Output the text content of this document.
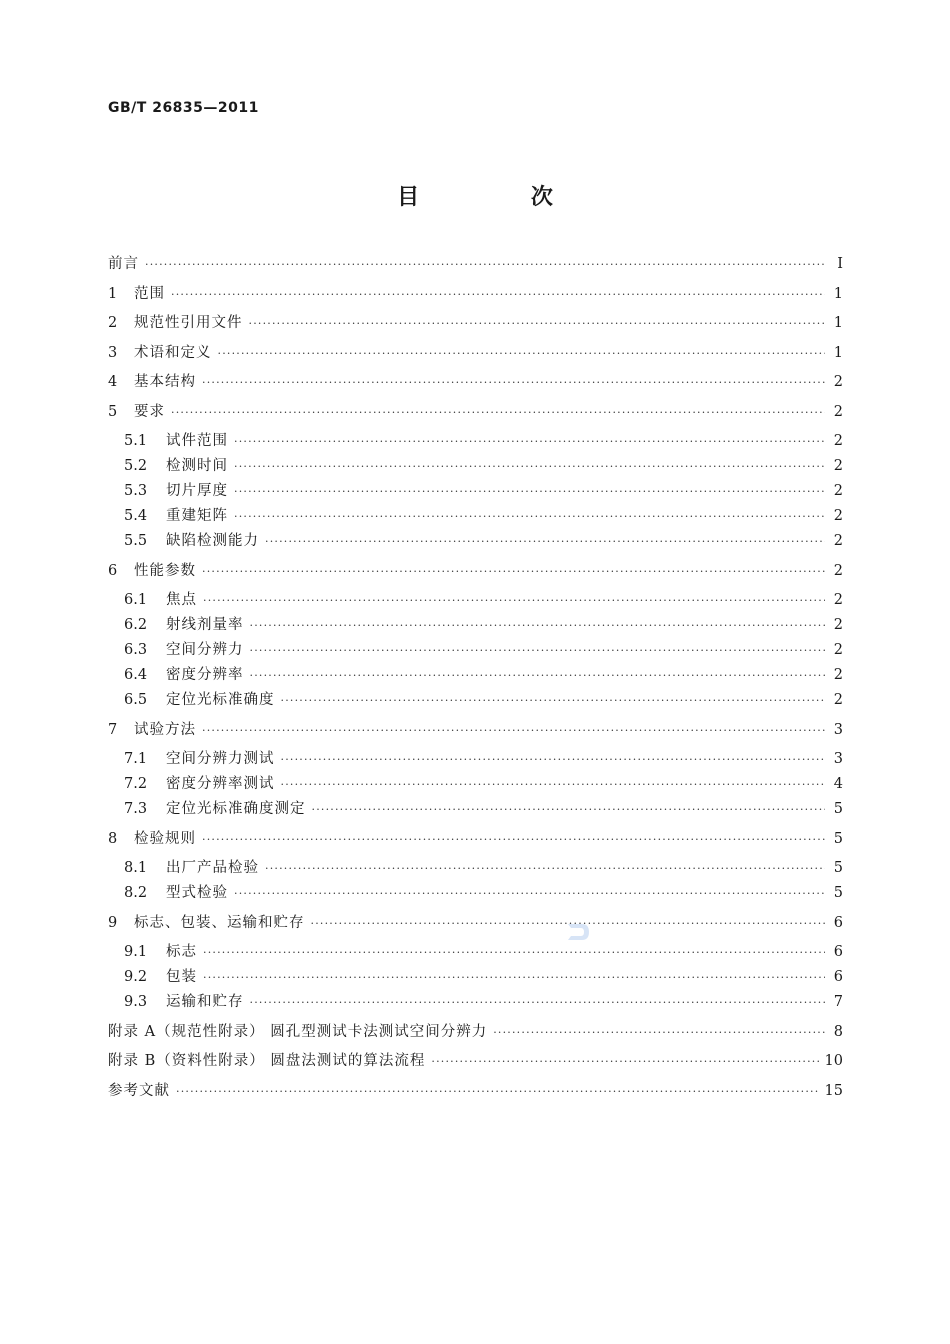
GB/T 26835—2011
目 次
前言 ·····	Ⅰ
1	范围 ·····	1
2	规范性引用文件 ·····	1
3	术语和定义 ·····	1
4	基本结构 ·····	2
5	要求 ·····	2
5.1	试件范围 ·····	2
5.2	检测时间 ·····	2
5.3	切片厚度 ·····	2
5.4	重建矩阵 ·····	2
5.5	缺陷检测能力 ·····	2
6	性能参数 ·····	2
6.1	焦点 ·····	2
6.2	射线剂量率 ·····	2
6.3	空间分辨力 ·····	2
6.4	密度分辨率 ·····	2
6.5	定位光标准确度 ·····	2
7	试验方法 ·····	3
7.1	空间分辨力测试 ·····	3
7.2	密度分辨率测试 ·····	4
7.3	定位光标准确度测定 ·····	5
8	检验规则 ·····	5
8.1	出厂产品检验 ·····	5
8.2	型式检验 ·····	5
9	标志、包装、运输和贮存 ·····	6
9.1	标志 ·····	6
9.2	包装 ·····	6
9.3	运输和贮存 ·····	7
附录 A（规范性附录） 圆孔型测试卡法测试空间分辨力 ·····	8
附录 B（资料性附录） 圆盘法测试的算法流程 ·····	10
参考文献 ·····	15
